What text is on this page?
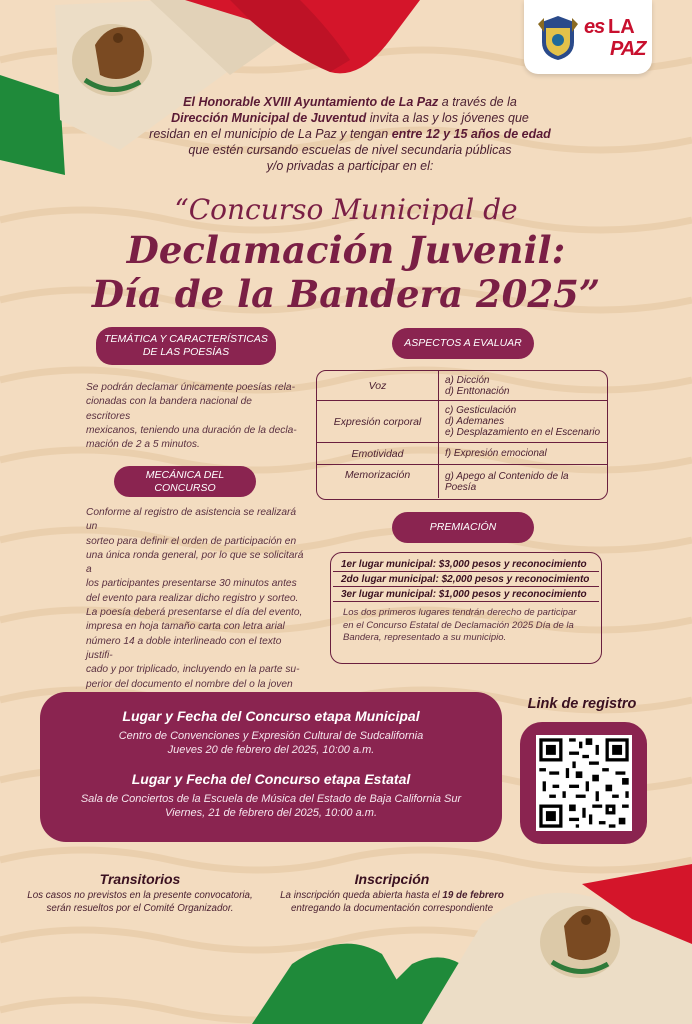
es LA
PAZ
El Honorable XVIII Ayuntamiento de La Paz a través de la
Dirección Municipal de Juventud invita a las y los jóvenes que
residan en el municipio de La Paz y tengan entre 12 y 15 años de edad
que estén cursando escuelas de nivel secundaria públicas
y/o privadas a participar en el:
“Concurso Municipal de
Declamación Juvenil:
Día de la Bandera 2025”
TEMÁTICA Y CARACTERÍSTICAS
DE LAS POESÍAS
Se podrán declamar únicamente poesías rela-
cionadas con la bandera nacional de escritores
mexicanos, teniendo una duración de la decla-
mación de 2 a 5 minutos.
MECÁNICA DEL CONCURSO
Conforme al registro de asistencia se realizará un
sorteo para definir el orden de participación en
una única ronda general, por lo que se solicitará a
los participantes presentarse 30 minutos antes
del evento para realizar dicho registro y sorteo.
La poesía deberá presentarse el día del evento,
impresa en hoja tamaño carta con letra arial
número 14 a doble interlineado con el texto justifi-
cado y por triplicado, incluyendo en la parte su-
perior del documento el nombre del o la joven
ASPECTOS A EVALUAR
Voz	a) Dicción
d) Enttonación
Expresión corporal
c) Gesticulación
d) Ademanes
e) Desplazamiento en el Escenario
Emotividad	f) Expresión emocional
Memorización	g) Apego al Contenido de la Poesía
PREMIACIÓN
1er lugar municipal: $3,000 pesos y reconocimiento
2do lugar municipal: $2,000 pesos y reconocimiento
3er lugar municipal: $1,000 pesos y reconocimiento
Los dos primeros lugares tendrán derecho de participar
en el Concurso Estatal de Declamación 2025 Día de la
Bandera, representado a su municipio.
Lugar y Fecha del Concurso etapa Municipal

Centro de Convenciones y Expresión Cultural de Sudcalifornia

Jueves 20 de febrero del 2025, 10:00 a.m.

Lugar y Fecha del Concurso etapa Estatal

Sala de Conciertos de la Escuela de Música del Estado de Baja California Sur

Viernes, 21 de febrero del 2025, 10:00 a.m.

Link de registro
Transitorios
Los casos no previstos en la presente convocatoria,
serán resueltos por el Comité Organizador.
Inscripción
La inscripción queda abierta hasta el 19 de febrero
entregando la documentación correspondiente
